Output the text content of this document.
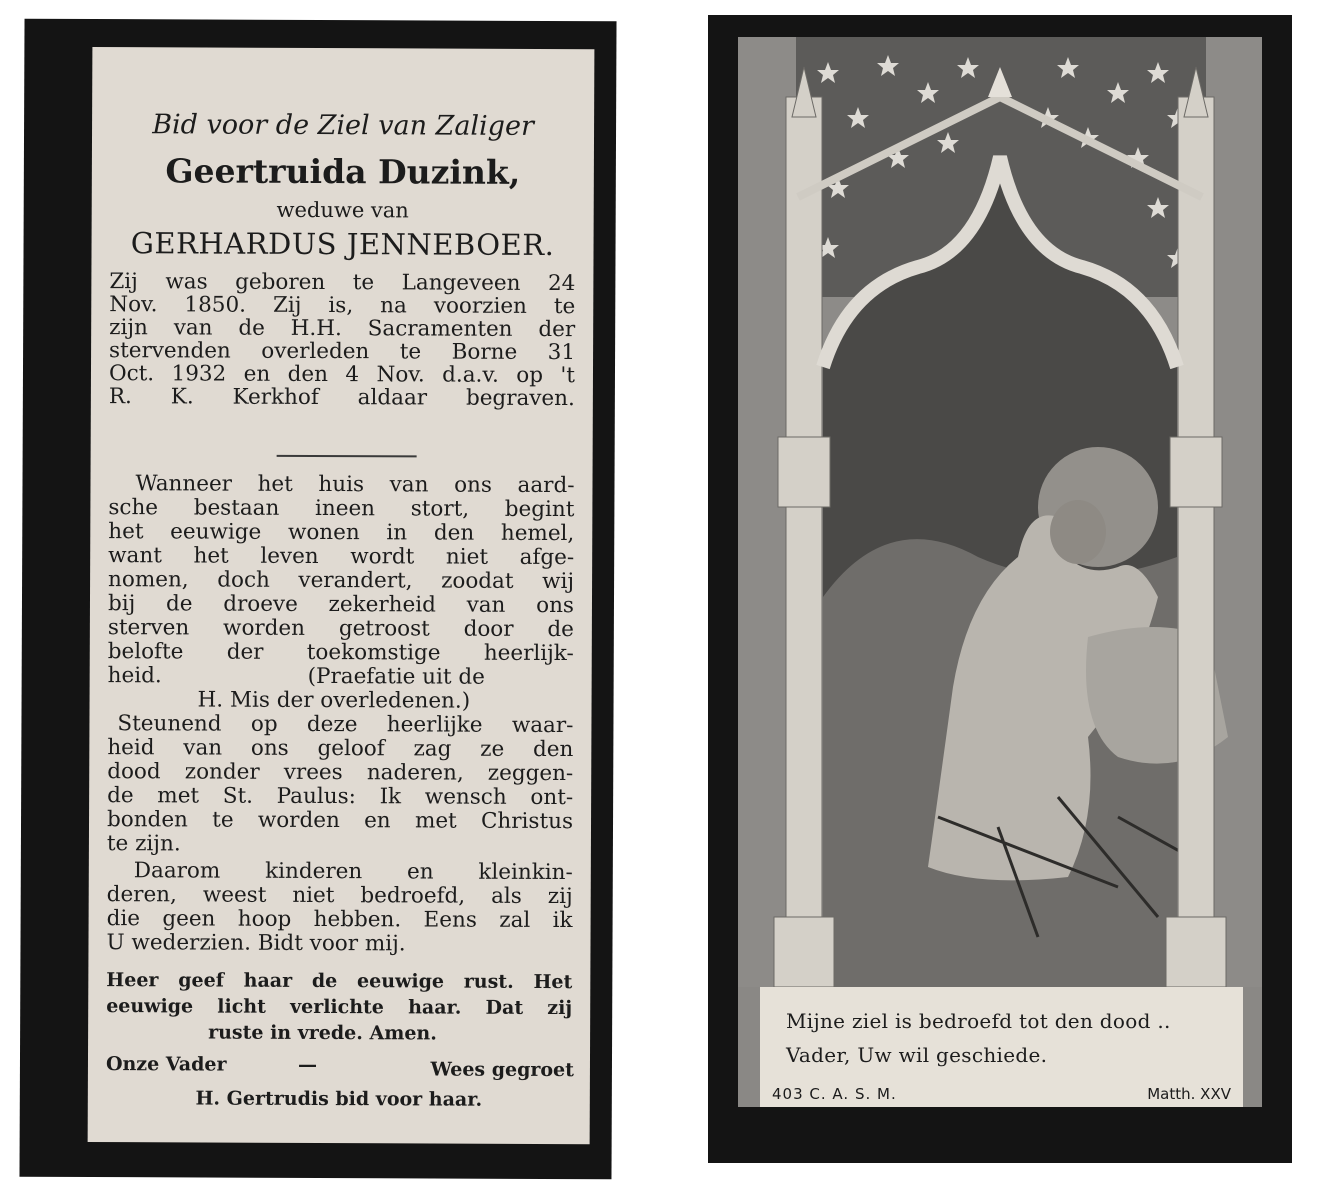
Bid voor de Ziel van Zaliger
Geertruida Duzink,
weduwe van
GERHARDUS JENNEBOER.
Zij was geboren te Langeveen 24
Nov. 1850. Zij is, na voorzien te
zijn van de H.H. Sacramenten der
stervenden overleden te Borne 31
Oct. 1932 en den 4 Nov. d.a.v. op 't
R. K. Kerkhof aldaar begraven.
Wanneer het huis van ons aard-
sche bestaan ineen stort, begint
het eeuwige wonen in den hemel,
want het leven wordt niet afge-
nomen, doch verandert, zoodat wij
bij de droeve zekerheid van ons
sterven worden getroost door de
belofte der toekomstige heerlijk-
heid.	(Praefatie uit de
H. Mis der overledenen.)
Steunend op deze heerlijke waar-
heid van ons geloof zag ze den
dood zonder vrees naderen, zeggen-
de met St. Paulus: Ik wensch ont-
bonden te worden en met Christus
te zijn.
Daarom kinderen en kleinkin-
deren, weest niet bedroefd, als zij
die geen hoop hebben. Eens zal ik
U wederzien. Bidt voor mij.
Heer geef haar de eeuwige rust. Het
eeuwige licht verlichte haar. Dat zij
ruste in vrede. Amen.
Onze Vader	—	Wees gegroet
H. Gertrudis bid voor haar.
Mijne ziel is bedroefd tot den dood ..
Vader, Uw wil geschiede.
403 C. A. S. M.	Matth. XXV
